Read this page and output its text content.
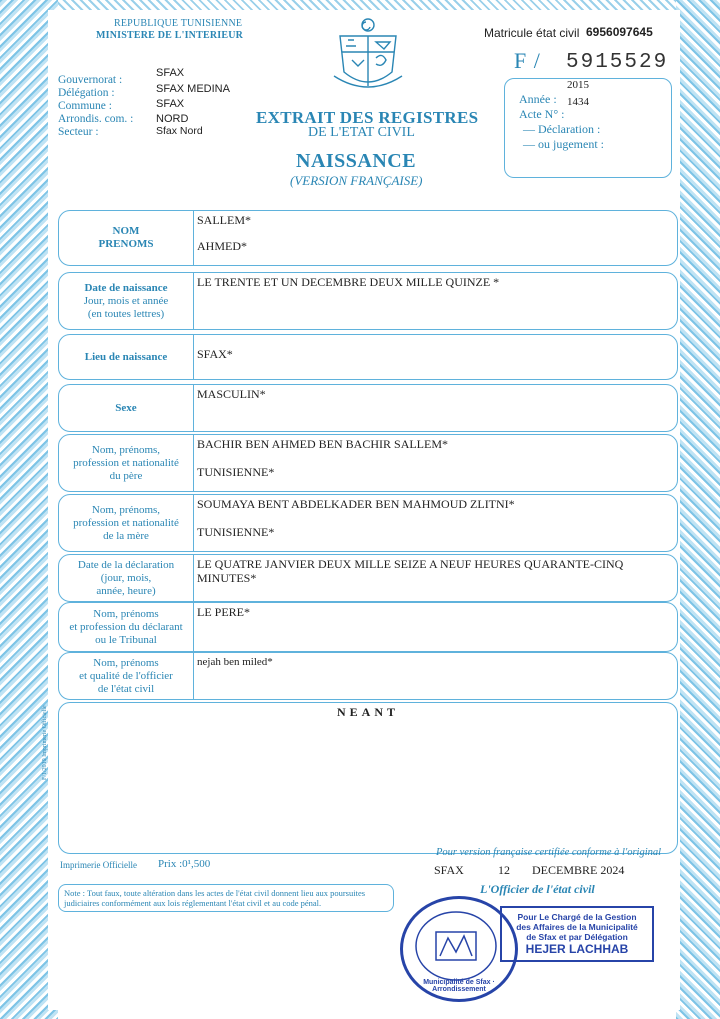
REPUBLIQUE TUNISIENNE
MINISTERE DE L'INTERIEUR	Matricule état civil 6956097645
F / 5915529
Gouvernorat :
Délégation :
Commune :
Arrondis. com. :
Secteur :
SFAX
SFAX MEDINA
SFAX
NORD
Sfax Nord
EXTRAIT DES REGISTRES
DE L'ETAT CIVIL
NAISSANCE
(VERSION FRANÇAISE)
2015
Année : 1434
Acte N° :
— Déclaration :
— ou jugement :
NOM
PRENOMS
SALLEM*
AHMED*
Date de naissance
Jour, mois et année
(en toutes lettres)
LE TRENTE ET UN DECEMBRE DEUX MILLE QUINZE *
Lieu de naissance SFAX*
Sexe
MASCULIN*
Nom, prénoms,
profession et nationalité
du père
BACHIR BEN AHMED BEN BACHIR SALLEM*
TUNISIENNE*
Nom, prénoms,
profession et nationalité
de la mère
SOUMAYA BENT ABDELKADER BEN MAHMOUD ZLITNI*
TUNISIENNE*
Date de la déclaration
(jour, mois,
année, heure)
LE QUATRE JANVIER DEUX MILLE SEIZE A NEUF HEURES QUARANTE-CINQ
MINUTES*
Nom, prénoms
et profession du déclarant
ou le Tribunal
LE PERE*
Nom, prénoms
et qualité de l'officier
de l'état civil
nejah ben miled*
NEANT
F/1/2019 Imprimerie Officielle
Imprimerie Officielle Prix :0¹,500
Pour version française certifiée conforme à l'original
SFAX	12 DECEMBRE 2024
L'Officier de l'état civil
Note : Tout faux, toute altération dans les actes de l'état civil donnent lieu aux poursuites judiciaires conformément aux lois réglementant l'état civil et au code pénal.
Municipalité de Sfax · Arrondissement
Pour Le Chargé de la Gestion
des Affaires de la Municipalité
de Sfax et par Délégation
HEJER LACHHAB
